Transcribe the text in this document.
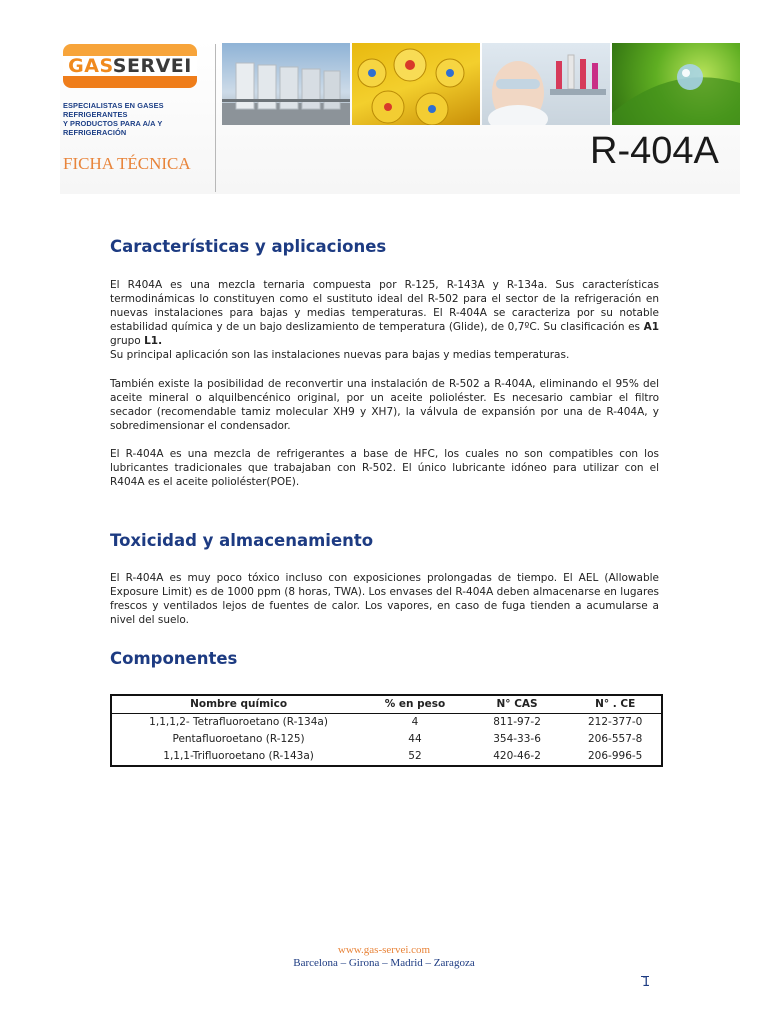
GASSERVEI
ESPECIALISTAS EN GASES REFRIGERANTES
Y PRODUCTOS PARA A/A Y REFRIGERACIÓN
FICHA TÉCNICA	R-404A
Características y aplicaciones

El R404A es una mezcla ternaria compuesta por R-125, R-143A y R-134a. Sus características termodinámicas lo constituyen como el sustituto ideal del R-502 para el sector de la refrigeración en nuevas instalaciones para bajas y medias temperaturas. El R-404A se caracteriza por su notable estabilidad química y de un bajo deslizamiento de temperatura (Glide), de 0,7ºC. Su clasificación es A1 grupo L1.

Su principal aplicación son las instalaciones nuevas para bajas y medias temperaturas.

También existe la posibilidad de reconvertir una instalación de R-502 a R-404A, eliminando el 95% del aceite mineral o alquilbencénico original, por un aceite polioléster. Es necesario cambiar el filtro secador (recomendable tamiz molecular XH9 y XH7), la válvula de expansión por una de R-404A, y sobredimensionar el condensador.

El R-404A es una mezcla de refrigerantes a base de HFC, los cuales no son compatibles con los lubricantes tradicionales que trabajaban con R-502. El único lubricante idóneo para utilizar con el R404A es el aceite polioléster(POE).

Toxicidad y almacenamiento

El R-404A es muy poco tóxico incluso con exposiciones prolongadas de tiempo. El AEL (Allowable Exposure Limit) es de 1000 ppm (8 horas, TWA). Los envases del R-404A deben almacenarse en lugares frescos y ventilados lejos de fuentes de calor. Los vapores, en caso de fuga tienden a acumularse a nivel del suelo.

Componentes
Nombre químico	% en peso	N° CAS	N° . CE
1,1,1,2- Tetrafluoroetano (R-134a)	4	811-97-2	212-377-0
Pentafluoroetano (R-125)	44	354-33-6	206-557-8
1,1,1-Trifluoroetano (R-143a)	52	420-46-2	206-996-5
www.gas-servei.com
Barcelona – Girona – Madrid – Zaragoza
1
